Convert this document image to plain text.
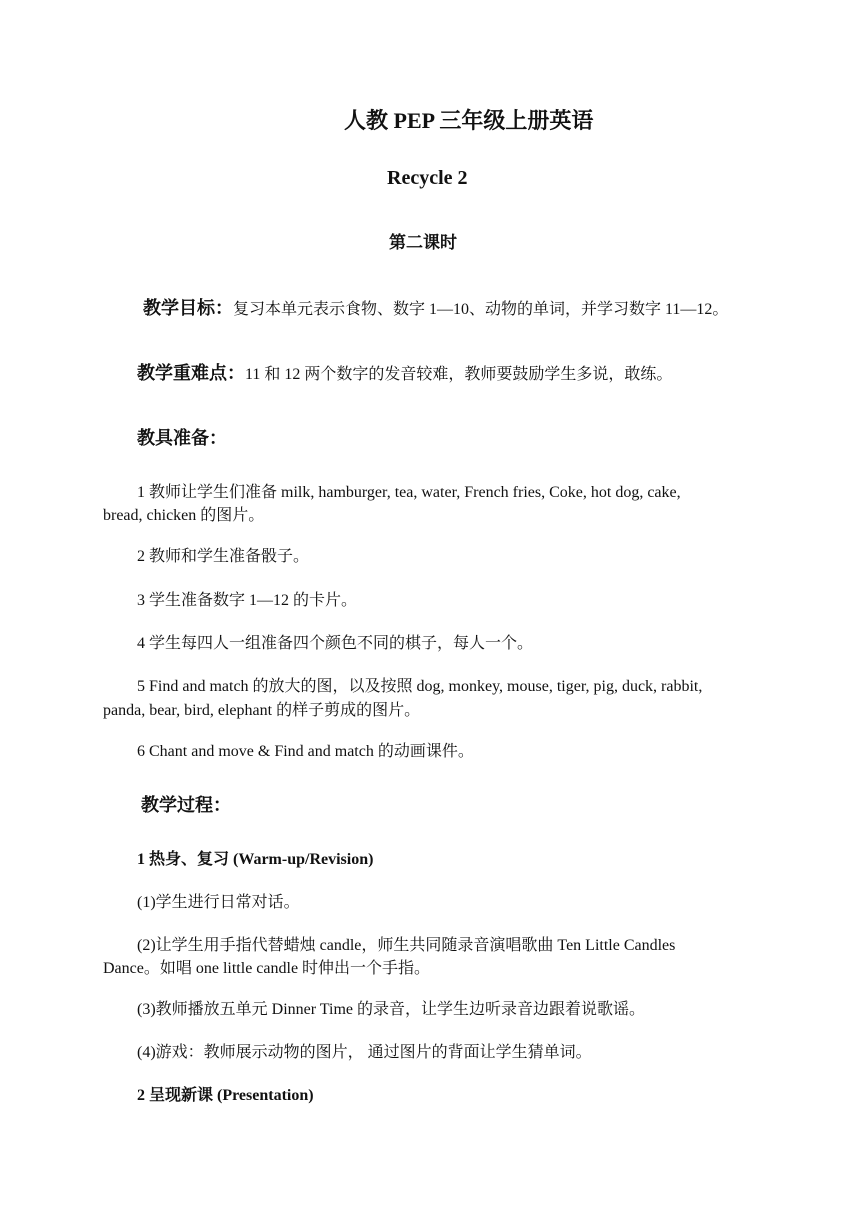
人教 PEP 三年级上册英语
Recycle 2
第二课时
教学目标：复习本单元表示食物、数字 1—10、动物的单词，并学习数字 11—12。
教学重难点：11 和 12 两个数字的发音较难，教师要鼓励学生多说，敢练。
教具准备：
1 教师让学生们准备 milk, hamburger, tea, water, French fries, Coke, hot dog, cake,
bread, chicken 的图片。
2 教师和学生准备骰子。
3 学生准备数字 1—12 的卡片。
4 学生每四人一组准备四个颜色不同的棋子，每人一个。
5 Find and match 的放大的图，以及按照 dog, monkey, mouse, tiger, pig, duck, rabbit,
panda, bear, bird, elephant 的样子剪成的图片。
6 Chant and move & Find and match 的动画课件。
教学过程：
1 热身、复习 (Warm-up/Revision)
(1)学生进行日常对话。
(2)让学生用手指代替蜡烛 candle，师生共同随录音演唱歌曲 Ten Little Candles
Dance。如唱 one little candle 时伸出一个手指。
(3)教师播放五单元 Dinner Time 的录音，让学生边听录音边跟着说歌谣。
(4)游戏：教师展示动物的图片， 通过图片的背面让学生猜单词。
2 呈现新课 (Presentation)
